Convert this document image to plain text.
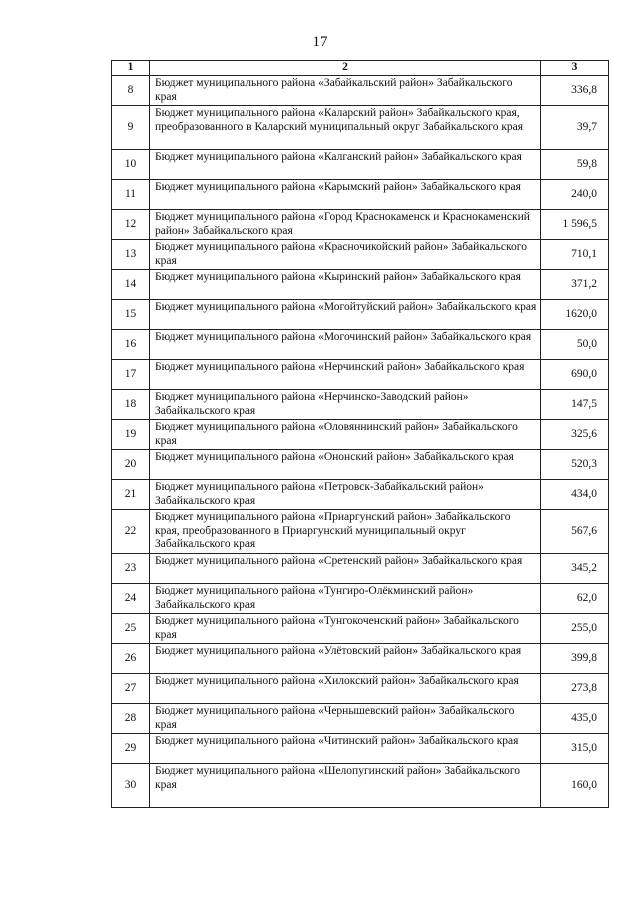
17
1	2	3
8	Бюджет муниципального района «Забайкальский район» Забайкальского края	336,8
9	Бюджет муниципального района «Каларский район» Забайкальского края, преобразованного в Каларский муниципальный округ Забайкальского края	39,7
10	Бюджет муниципального района «Калганский район» Забайкальского края	59,8
11	Бюджет муниципального района «Карымский район» Забайкальского края	240,0
12	Бюджет муниципального района «Город Краснокаменск и Краснокаменский район» Забайкальского края	1 596,5
13	Бюджет муниципального района «Красночикойский район» Забайкальского края	710,1
14	Бюджет муниципального района «Кыринский район» Забайкальского края	371,2
15	Бюджет муниципального района «Могойтуйский район» Забайкальского края	1620,0
16	Бюджет муниципального района «Могочинский район» Забайкальского края	50,0
17	Бюджет муниципального района «Нерчинский район» Забайкальского края	690,0
18	Бюджет муниципального района «Нерчинско-Заводский район» Забайкальского края	147,5
19	Бюджет муниципального района «Оловяннинский район» Забайкальского края	325,6
20	Бюджет муниципального района «Ононский район» Забайкальского края	520,3
21	Бюджет муниципального района «Петровск-Забайкальский район» Забайкальского края	434,0
22	Бюджет муниципального района «Приаргунский район» Забайкальского края, преобразованного в Приаргунский муниципальный округ Забайкальского края	567,6
23	Бюджет муниципального района «Сретенский район» Забайкальского края	345,2
24	Бюджет муниципального района «Тунгиро-Олёкминский район» Забайкальского края	62,0
25	Бюджет муниципального района «Тунгокоченский район» Забайкальского края	255,0
26	Бюджет муниципального района «Улётовский район» Забайкальского края	399,8
27	Бюджет муниципального района «Хилокский район» Забайкальского края	273,8
28	Бюджет муниципального района «Чернышевский район» Забайкальского края	435,0
29	Бюджет муниципального района «Читинский район» Забайкальского края	315,0
30	Бюджет муниципального района «Шелопугинский район» Забайкальского края	160,0
